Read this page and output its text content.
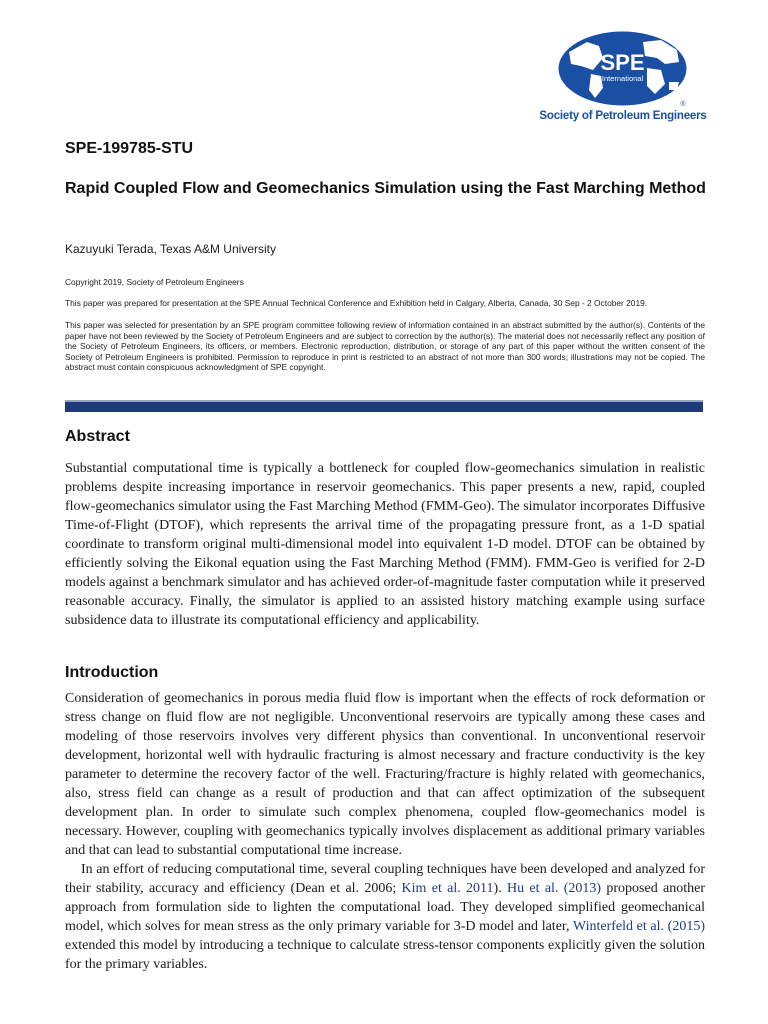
SPE
International
®
Society of Petroleum Engineers
SPE-199785-STU
Rapid Coupled Flow and Geomechanics Simulation using the Fast Marching Method
Kazuyuki Terada, Texas A&M University

Copyright 2019, Society of Petroleum Engineers

This paper was prepared for presentation at the SPE Annual Technical Conference and Exhibition held in Calgary, Alberta, Canada, 30 Sep - 2 October 2019.

This paper was selected for presentation by an SPE program committee following review of information contained in an abstract submitted by the author(s). Contents of the paper have not been reviewed by the Society of Petroleum Engineers and are subject to correction by the author(s). The material does not necessarily reflect any position of the Society of Petroleum Engineers, its officers, or members. Electronic reproduction, distribution, or storage of any part of this paper without the written consent of the Society of Petroleum Engineers is prohibited. Permission to reproduce in print is restricted to an abstract of not more than 300 words; illustrations may not be copied. The abstract must contain conspicuous acknowledgment of SPE copyright.

Abstract

Substantial computational time is typically a bottleneck for coupled flow-geomechanics simulation in realistic problems despite increasing importance in reservoir geomechanics. This paper presents a new, rapid, coupled flow-geomechanics simulator using the Fast Marching Method (FMM-Geo). The simulator incorporates Diffusive Time-of-Flight (DTOF), which represents the arrival time of the propagating pressure front, as a 1-D spatial coordinate to transform original multi-dimensional model into equivalent 1-D model. DTOF can be obtained by efficiently solving the Eikonal equation using the Fast Marching Method (FMM). FMM-Geo is verified for 2-D models against a benchmark simulator and has achieved order-of-magnitude faster computation while it preserved reasonable accuracy. Finally, the simulator is applied to an assisted history matching example using surface subsidence data to illustrate its computational efficiency and applicability.

Introduction

Consideration of geomechanics in porous media fluid flow is important when the effects of rock deformation or stress change on fluid flow are not negligible. Unconventional reservoirs are typically among these cases and modeling of those reservoirs involves very different physics than conventional. In unconventional reservoir development, horizontal well with hydraulic fracturing is almost necessary and fracture conductivity is the key parameter to determine the recovery factor of the well. Fracturing/fracture is highly related with geomechanics, also, stress field can change as a result of production and that can affect optimization of the subsequent development plan. In order to simulate such complex phenomena, coupled flow-geomechanics model is necessary. However, coupling with geomechanics typically involves displacement as additional primary variables and that can lead to substantial computational time increase.

In an effort of reducing computational time, several coupling techniques have been developed and analyzed for their stability, accuracy and efficiency (Dean et al. 2006; Kim et al. 2011). Hu et al. (2013) proposed another approach from formulation side to lighten the computational load. They developed simplified geomechanical model, which solves for mean stress as the only primary variable for 3-D model and later, Winterfeld et al. (2015) extended this model by introducing a technique to calculate stress-tensor components explicitly given the solution for the primary variables.
